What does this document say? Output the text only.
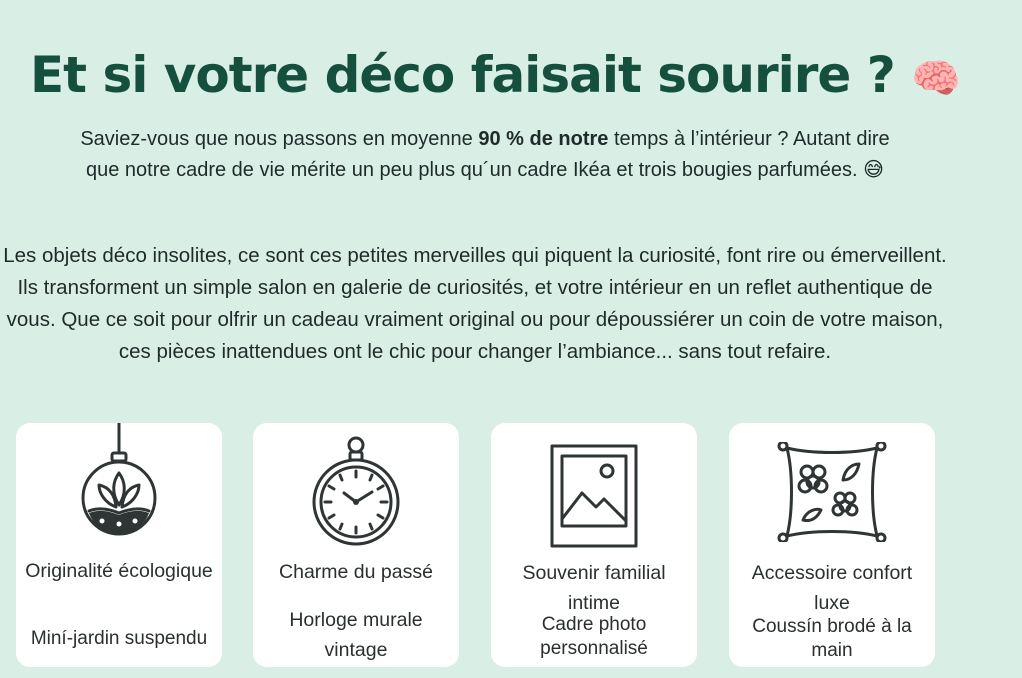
Et si votre déco faisait sourire ? 🧠

Saviez-vous que nous passons en moyenne 90 % de notre temps à l’intérieur ? Autant dire que notre cadre de vie mérite un peu plus qu´un cadre Ikéa et trois bougies parfumées. 😅

Les objets déco insolites, ce sont ces petites merveilles qui piquent la curiosité, font rire ou émerveillent. Ils transforment un simple salon en galerie de curiosités, et votre intérieur en un reflet authentique de vous. Que ce soit pour olfrir un cadeau vraiment original ou pour dépoussiérer un coin de votre maison, ces pièces inattendues ont le chic pour changer l’ambiance... sans tout refaire.

Originalité écologique
Miní-jardin suspendu
Charme du passé
Horloge murale vintage
Souvenir familial intime
Cadre photo personnalisé
Accessoire confort luxe
Coussín brodé à la main
